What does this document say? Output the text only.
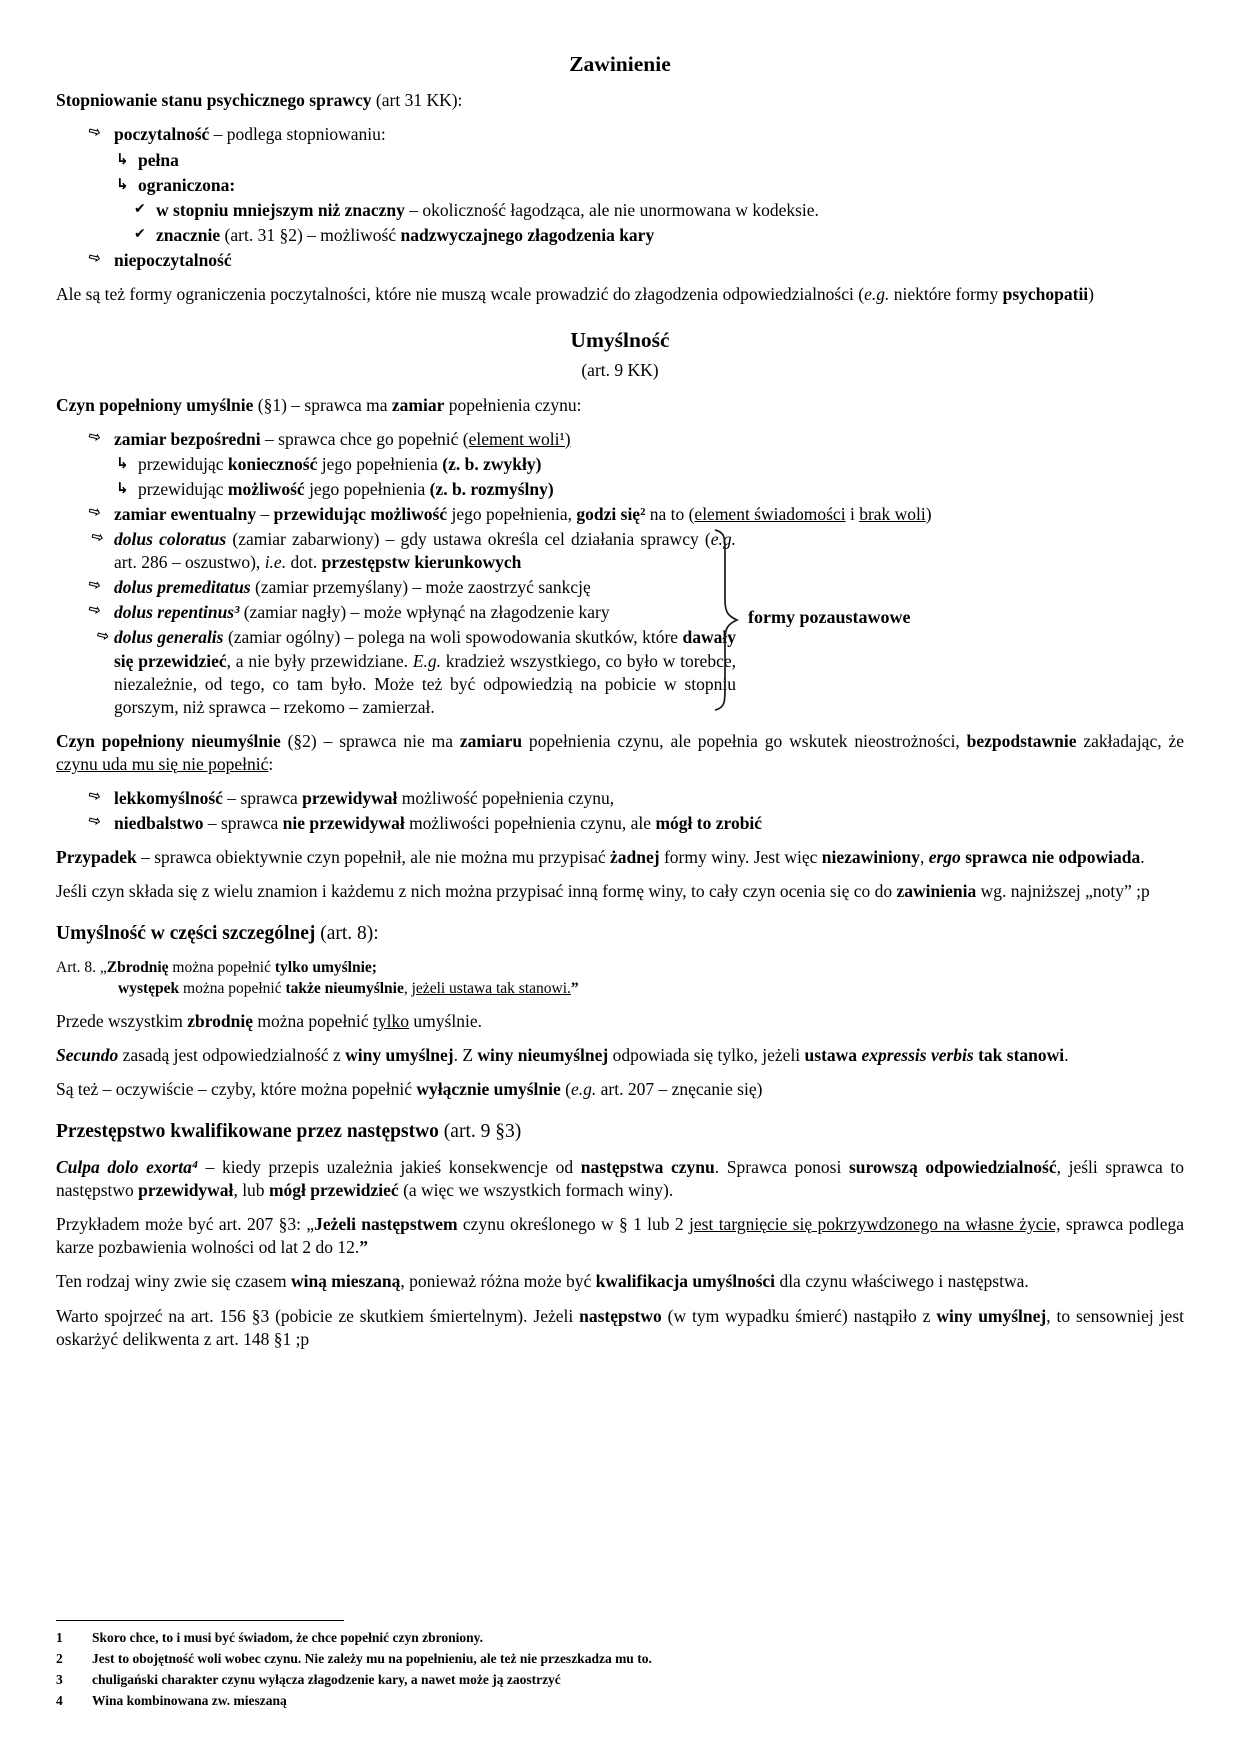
Zawinienie

Stopniowanie stanu psychicznego sprawcy (art 31 KK):

⇨ poczytalność – podlega stopniowaniu:
↳ pełna
↳ ograniczona:
✔ w stopniu mniejszym niż znaczny – okoliczność łagodząca, ale nie unormowana w kodeksie.
✔ znacznie (art. 31 §2) – możliwość nadzwyczajnego złagodzenia kary
⇨ niepoczytalność

Ale są też formy ograniczenia poczytalności, które nie muszą wcale prowadzić do złagodzenia odpowiedzialności (e.g. niektóre formy psychopatii)

Umyślność
(art. 9 KK)

Czyn popełniony umyślnie (§1) – sprawca ma zamiar popełnienia czynu:

⇨ zamiar bezpośredni – sprawca chce go popełnić (element woli¹)
↳ przewidując konieczność jego popełnienia (z. b. zwykły)
↳ przewidując możliwość jego popełnienia (z. b. rozmyślny)
⇨ zamiar ewentualny – przewidując możliwość jego popełnienia, godzi się² na to (element świadomości i brak woli)
⇨ dolus coloratus (zamiar zabarwiony) – gdy ustawa określa cel działania sprawcy (e.g. art. 286 – oszustwo), i.e. dot. przestępstw kierunkowych
⇨ dolus premeditatus (zamiar przemyślany) – może zaostrzyć sankcję
⇨ dolus repentinus³ (zamiar nagły) – może wpłynąć na złagodzenie kary
⇨ dolus generalis (zamiar ogólny) – polega na woli spowodowania skutków, które dawały się przewidzieć, a nie były przewidziane. E.g. kradzież wszystkiego, co było w torebce, niezależnie, od tego, co tam było. Może też być odpowiedzią na pobicie w stopniu gorszym, niż sprawca – rzekomo – zamierzał.
formy pozaustawowe

Czyn popełniony nieumyślnie (§2) – sprawca nie ma zamiaru popełnienia czynu, ale popełnia go wskutek nieostrożności, bezpodstawnie zakładając, że czynu uda mu się nie popełnić:

⇨ lekkomyślność – sprawca przewidywał możliwość popełnienia czynu,
⇨ niedbalstwo – sprawca nie przewidywał możliwości popełnienia czynu, ale mógł to zrobić

Przypadek – sprawca obiektywnie czyn popełnił, ale nie można mu przypisać żadnej formy winy. Jest więc niezawiniony, ergo sprawca nie odpowiada.

Jeśli czyn składa się z wielu znamion i każdemu z nich można przypisać inną formę winy, to cały czyn ocenia się co do zawinienia wg. najniższej „noty” ;p

Umyślność w części szczególnej (art. 8):
Art. 8. „Zbrodnię można popełnić tylko umyślnie;
występek można popełnić także nieumyślnie, jeżeli ustawa tak stanowi.”

Przede wszystkim zbrodnię można popełnić tylko umyślnie.

Secundo zasadą jest odpowiedzialność z winy umyślnej. Z winy nieumyślnej odpowiada się tylko, jeżeli ustawa expressis verbis tak stanowi.

Są też – oczywiście – czyby, które można popełnić wyłącznie umyślnie (e.g. art. 207 – znęcanie się)

Przestępstwo kwalifikowane przez następstwo (art. 9 §3)

Culpa dolo exorta⁴ – kiedy przepis uzależnia jakieś konsekwencje od następstwa czynu. Sprawca ponosi surowszą odpowiedzialność, jeśli sprawca to następstwo przewidywał, lub mógł przewidzieć (a więc we wszystkich formach winy).

Przykładem może być art. 207 §3: „Jeżeli następstwem czynu określonego w § 1 lub 2 jest targnięcie się pokrzywdzonego na własne życie, sprawca podlega karze pozbawienia wolności od lat 2 do 12.”

Ten rodzaj winy zwie się czasem winą mieszaną, ponieważ różna może być kwalifikacja umyślności dla czynu właściwego i następstwa.

Warto spojrzeć na art. 156 §3 (pobicie ze skutkiem śmiertelnym). Jeżeli następstwo (w tym wypadku śmierć) nastąpiło z winy umyślnej, to sensowniej jest oskarżyć delikwenta z art. 148 §1 ;p

1	Skoro chce, to i musi być świadom, że chce popełnić czyn zbroniony.
2	Jest to obojętność woli wobec czynu. Nie zależy mu na popełnieniu, ale też nie przeszkadza mu to.
3	chuligański charakter czynu wyłącza złagodzenie kary, a nawet może ją zaostrzyć
4	Wina kombinowana zw. mieszaną
